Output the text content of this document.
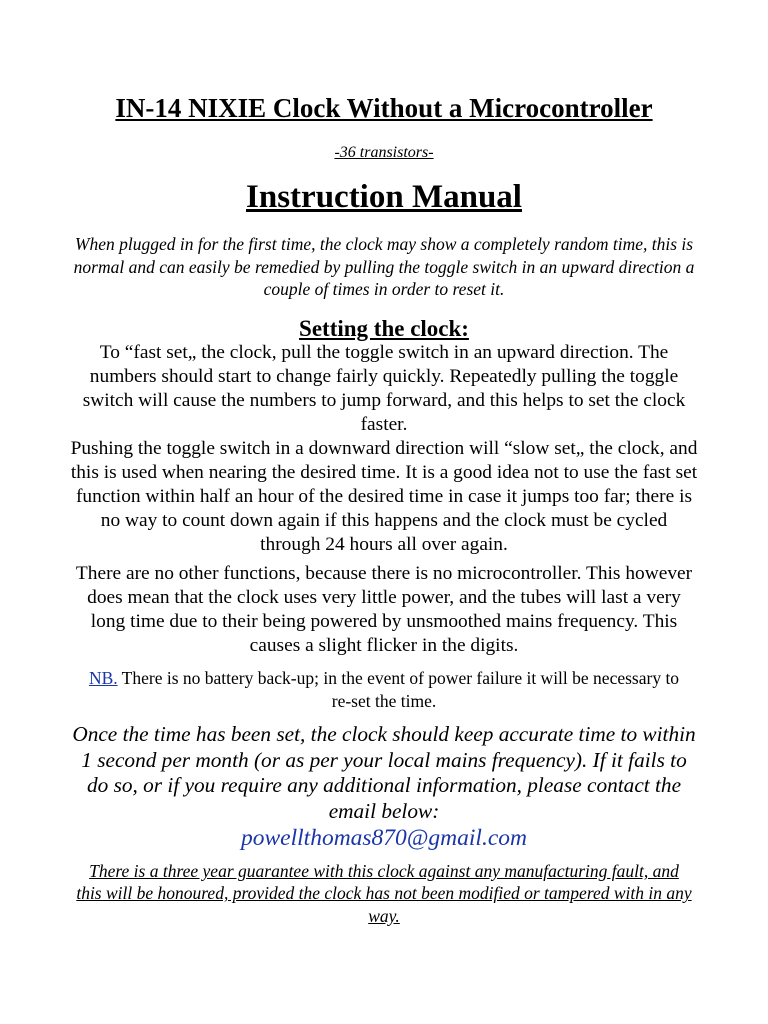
IN-14 NIXIE Clock Without a Microcontroller

-36 transistors-

Instruction Manual

When plugged in for the first time, the clock may show a completely random time, this is normal and can easily be remedied by pulling the toggle switch in an upward direction a couple of times in order to reset it.

Setting the clock:

To “fast set„ the clock, pull the toggle switch in an upward direction. The numbers should start to change fairly quickly. Repeatedly pulling the toggle switch will cause the numbers to jump forward, and this helps to set the clock faster.

Pushing the toggle switch in a downward direction will “slow set„ the clock, and this is used when nearing the desired time. It is a good idea not to use the fast set function within half an hour of the desired time in case it jumps too far; there is no way to count down again if this happens and the clock must be cycled through 24 hours all over again.

There are no other functions, because there is no microcontroller. This however does mean that the clock uses very little power, and the tubes will last a very long time due to their being powered by unsmoothed mains frequency. This causes a slight flicker in the digits.

NB. There is no battery back-up; in the event of power failure it will be necessary to re-set the time.

Once the time has been set, the clock should keep accurate time to within 1 second per month (or as per your local mains frequency). If it fails to do so, or if you require any additional information, please contact the email below:

powellthomas870@gmail.com

There is a three year guarantee with this clock against any manufacturing fault, and this will be honoured, provided the clock has not been modified or tampered with in any way.
